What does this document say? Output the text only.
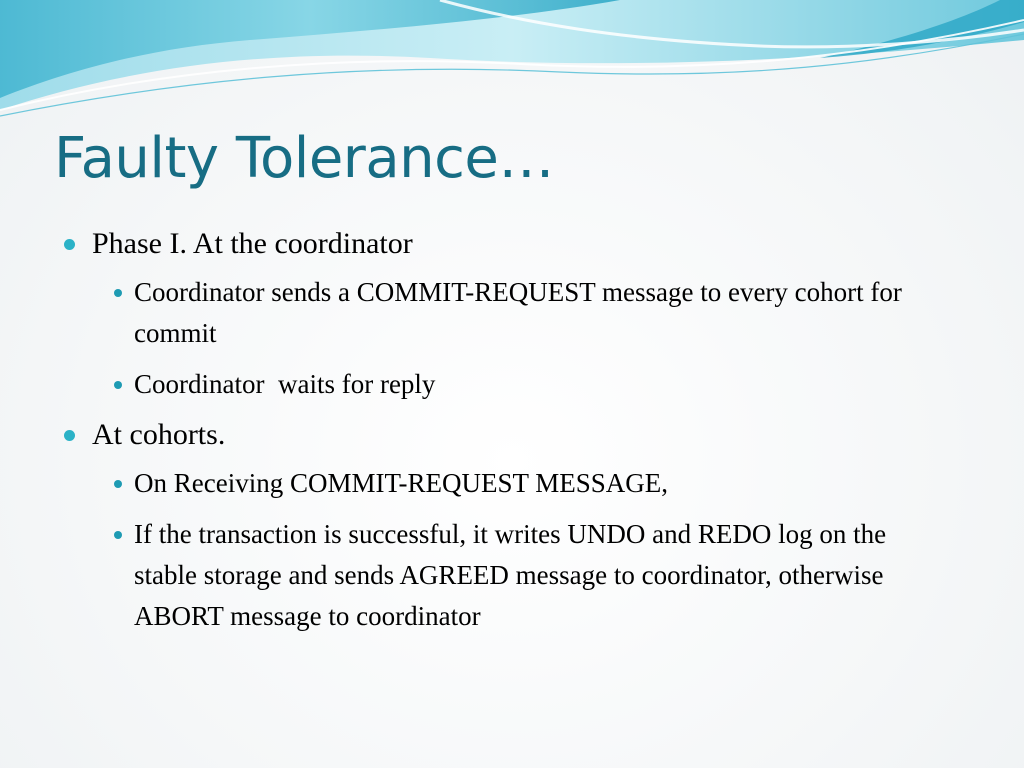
Faulty Tolerance…
Phase I. At the coordinator
Coordinator sends a COMMIT-REQUEST message to every cohort for commit
Coordinator  waits for reply
At cohorts.
On Receiving COMMIT-REQUEST MESSAGE,
If the transaction is successful, it writes UNDO and REDO log on the stable storage and sends AGREED message to coordinator, otherwise ABORT message to coordinator
